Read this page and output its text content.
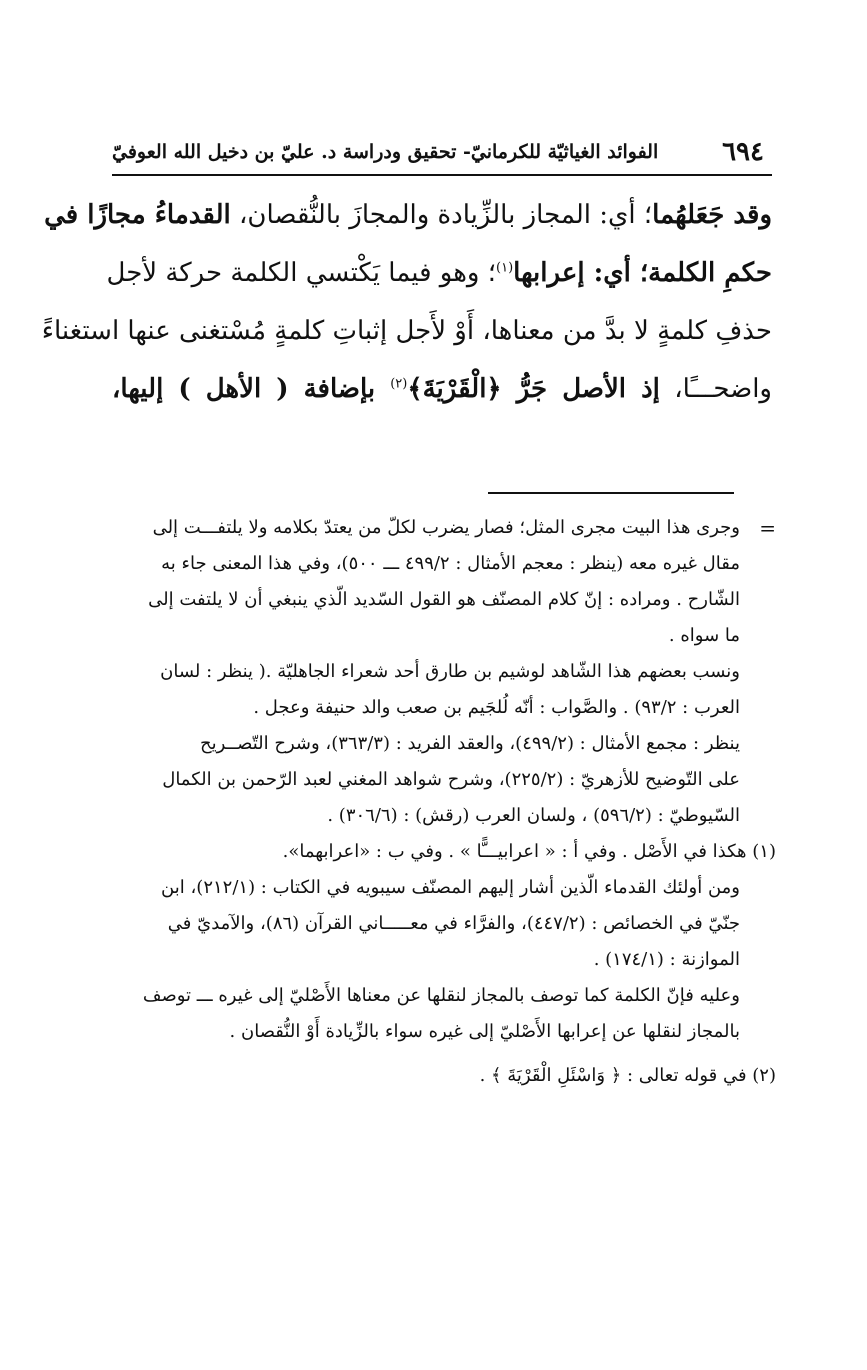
٦٩٤
الفوائد الغياثيّة للكرمانيّ- تحقيق ودراسة د. عليّ بن دخيل الله العوفيّ
وقد جَعَلهُما؛ أي: المجاز بالزِّيادة والمجازَ بالنُّقصان، القدماءُ مجازًا في
حكمِ الكلمة؛ أي: إعرابها$^{(١)}$؛ وهو فيما يَكْتسي الكلمة حركة لأجل
حذفِ كلمةٍ لا بدَّ من معناها، أَوْ لأَجل إثباتِ كلمةٍ مُسْتغنى عنها استغناءً
واضحـــًا، إذ الأصل جَرُّ ﴿الْقَرْيَةَ﴾$^{(٢)}$ بإضافة ( الأهل ) إليها،
=

وجرى هذا البيت مجرى المثل؛ فصار يضرب لكلّ من يعتدّ بكلامه ولا يلتفـــت إلى

مقال غيره معه (ينظر : معجم الأمثال : ٤٩٩/٢ ـــ ٥٠٠)، وفي هذا المعنى جاء به

الشّارح . ومراده : إنّ كلام المصنّف هو القول السّديد الّذي ينبغي أن لا يلتفت إلى

ما سواه .

ونسب بعضهم هذا الشّاهد لوشيم بن طارق أحد شعراء الجاهليّة .( ينظر : لسان

العرب : ٩٣/٢) . والصَّواب : أنّه لُلجَيم بن صعب والد حنيفة وعجل .

ينظر : مجمع الأمثال : (٤٩٩/٢)، والعقد الفريد : (٣٦٣/٣)، وشرح التّصــريح

على التّوضيح للأزهريّ : (٢٢٥/٢)، وشرح شواهد المغني لعبد الرّحمن بن الكمال

السّيوطيّ : (٥٩٦/٢) ، ولسان العرب (رقش) : (٣٠٦/٦) .

(١) هكذا في الأَصْل . وفي أ : « اعرابيـــًّا » . وفي ب : «اعرابهما».

ومن أولئك القدماء الّذين أشار إليهم المصنّف سيبويه في الكتاب : (٢١٢/١)، ابن

جنّيّ في الخصائص : (٤٤٧/٢)، والفرَّاء في معـــــاني القرآن (٨٦)، والآمديّ في

الموازنة : (١٧٤/١) .

وعليه فإنّ الكلمة كما توصف بالمجاز لنقلها عن معناها الأَصْليّ إلى غيره ـــ توصف

بالمجاز لنقلها عن إعرابها الأَصْليّ إلى غيره سواء بالزِّيادة أَوْ النُّقصان .

(٢) في قوله تعالى : ﴿ وَاسْئَلِ الْقَرْيَةَ ﴾ .
